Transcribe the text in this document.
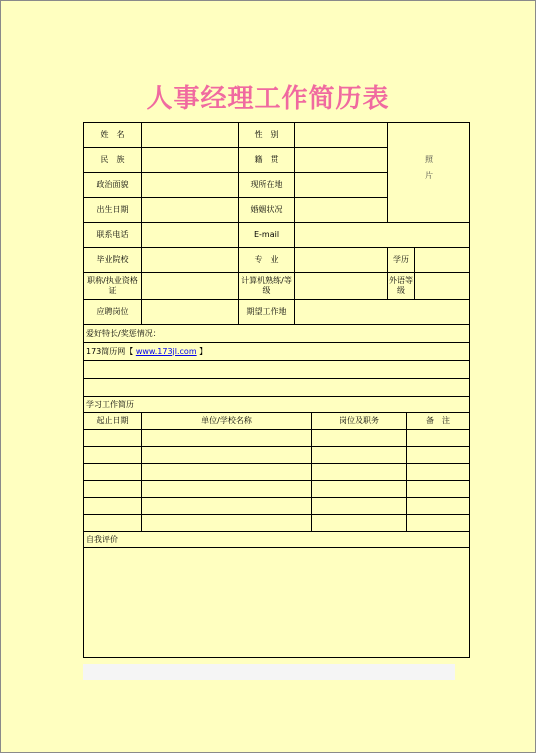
人事经理工作简历表
姓　名		性　别			照片		
民　族		籍　贯					
政治面貌		现所在地					
出生日期		婚姻状况					
联系电话		E-mail					
毕业院校		专　业			学历		
职称/执业资格证		计算机熟练/等级			外语等级		
应聘岗位		期望工作地					
爱好特长/奖惩情况：							
173简历网【 www.173jl.com 】							

学习工作简历							
起止日期	单位/学校名称			岗位及职务		备　注	

自我评价							
